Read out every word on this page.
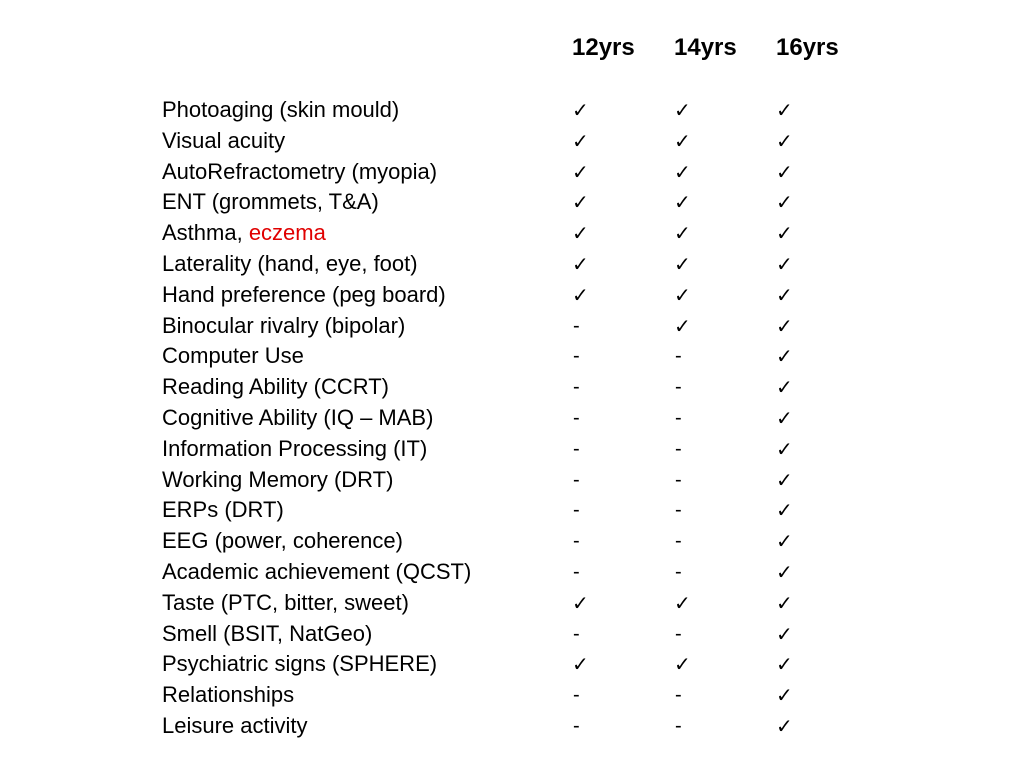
12yrs 14yrs 16yrs
Photoaging (skin mould)	✓	✓	✓
Visual acuity	✓	✓	✓
AutoRefractometry (myopia)	✓	✓	✓
ENT (grommets, T&A)	✓	✓	✓
Asthma, eczema	✓	✓	✓
Laterality (hand, eye, foot)	✓	✓	✓
Hand preference (peg board)	✓	✓	✓
Binocular rivalry (bipolar)	-	✓	✓
Computer Use	-	-	✓
Reading Ability (CCRT)	-	-	✓
Cognitive Ability (IQ – MAB)	-	-	✓
Information Processing (IT)	-	-	✓
Working Memory (DRT)	-	-	✓
ERPs (DRT)	-	-	✓
EEG (power, coherence)	-	-	✓
Academic achievement (QCST)	-	-	✓
Taste (PTC, bitter, sweet)	✓	✓	✓
Smell (BSIT, NatGeo)	-	-	✓
Psychiatric signs (SPHERE)	✓	✓	✓
Relationships	-	-	✓
Leisure activity	-	-	✓
